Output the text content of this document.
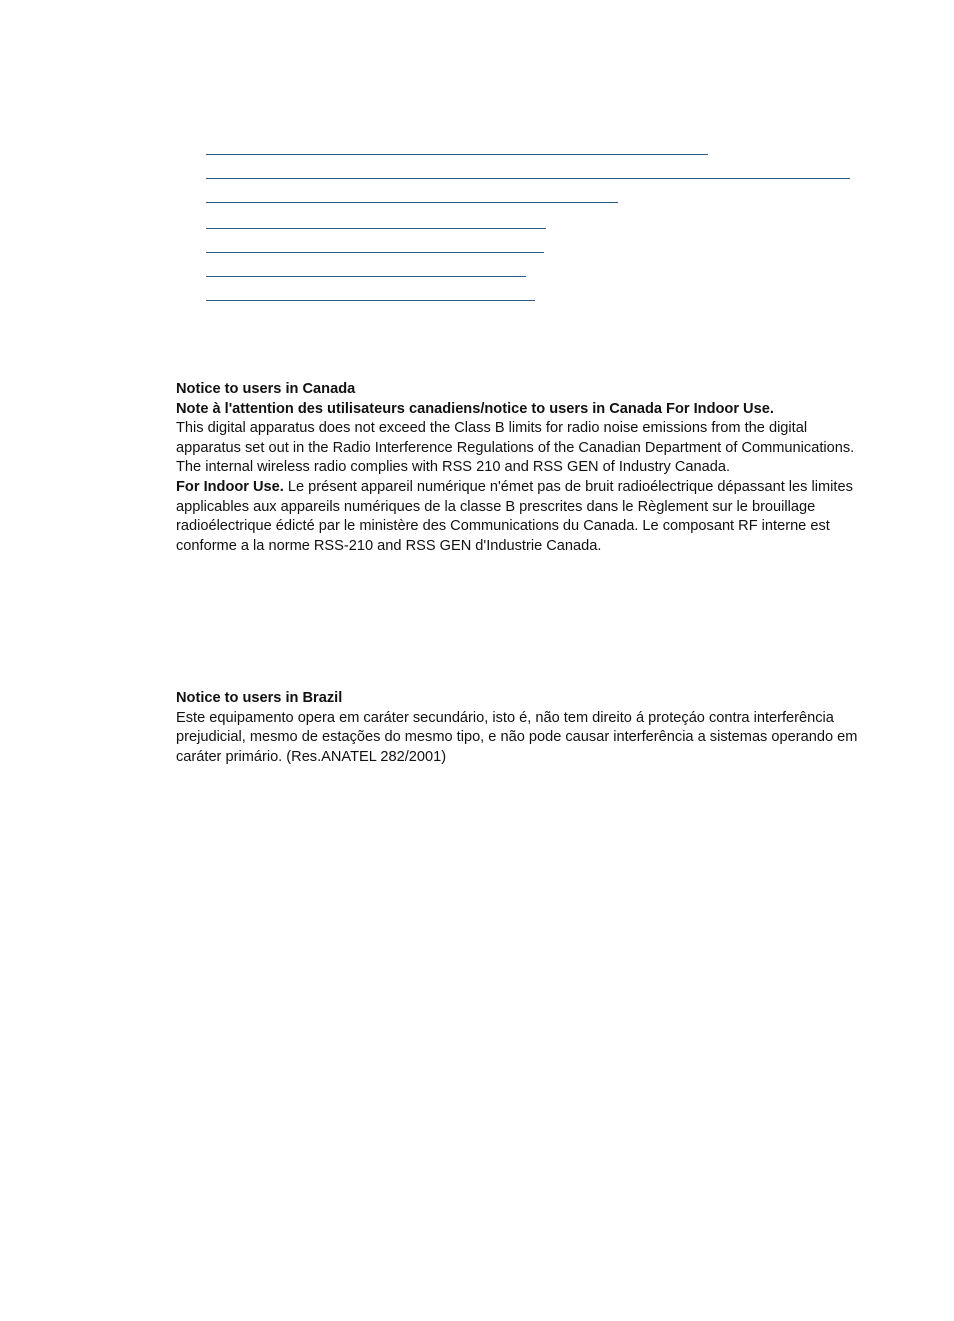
Notice to users in Canada

Note à l'attention des utilisateurs canadiens/notice to users in Canada For Indoor Use.

This digital apparatus does not exceed the Class B limits for radio noise emissions from the digital apparatus set out in the Radio Interference Regulations of the Canadian Department of Communications. The internal wireless radio complies with RSS 210 and RSS GEN of Industry Canada.

For Indoor Use. Le présent appareil numérique n'émet pas de bruit radioélectrique dépassant les limites applicables aux appareils numériques de la classe B prescrites dans le Règlement sur le brouillage radioélectrique édicté par le ministère des Communications du Canada. Le composant RF interne est conforme a la norme RSS-210 and RSS GEN d'Industrie Canada.

Notice to users in Brazil

Este equipamento opera em caráter secundário, isto é, não tem direito á proteçáo contra interferência prejudicial, mesmo de estações do mesmo tipo, e não pode causar interferência a sistemas operando em caráter primário. (Res.ANATEL 282/2001)
